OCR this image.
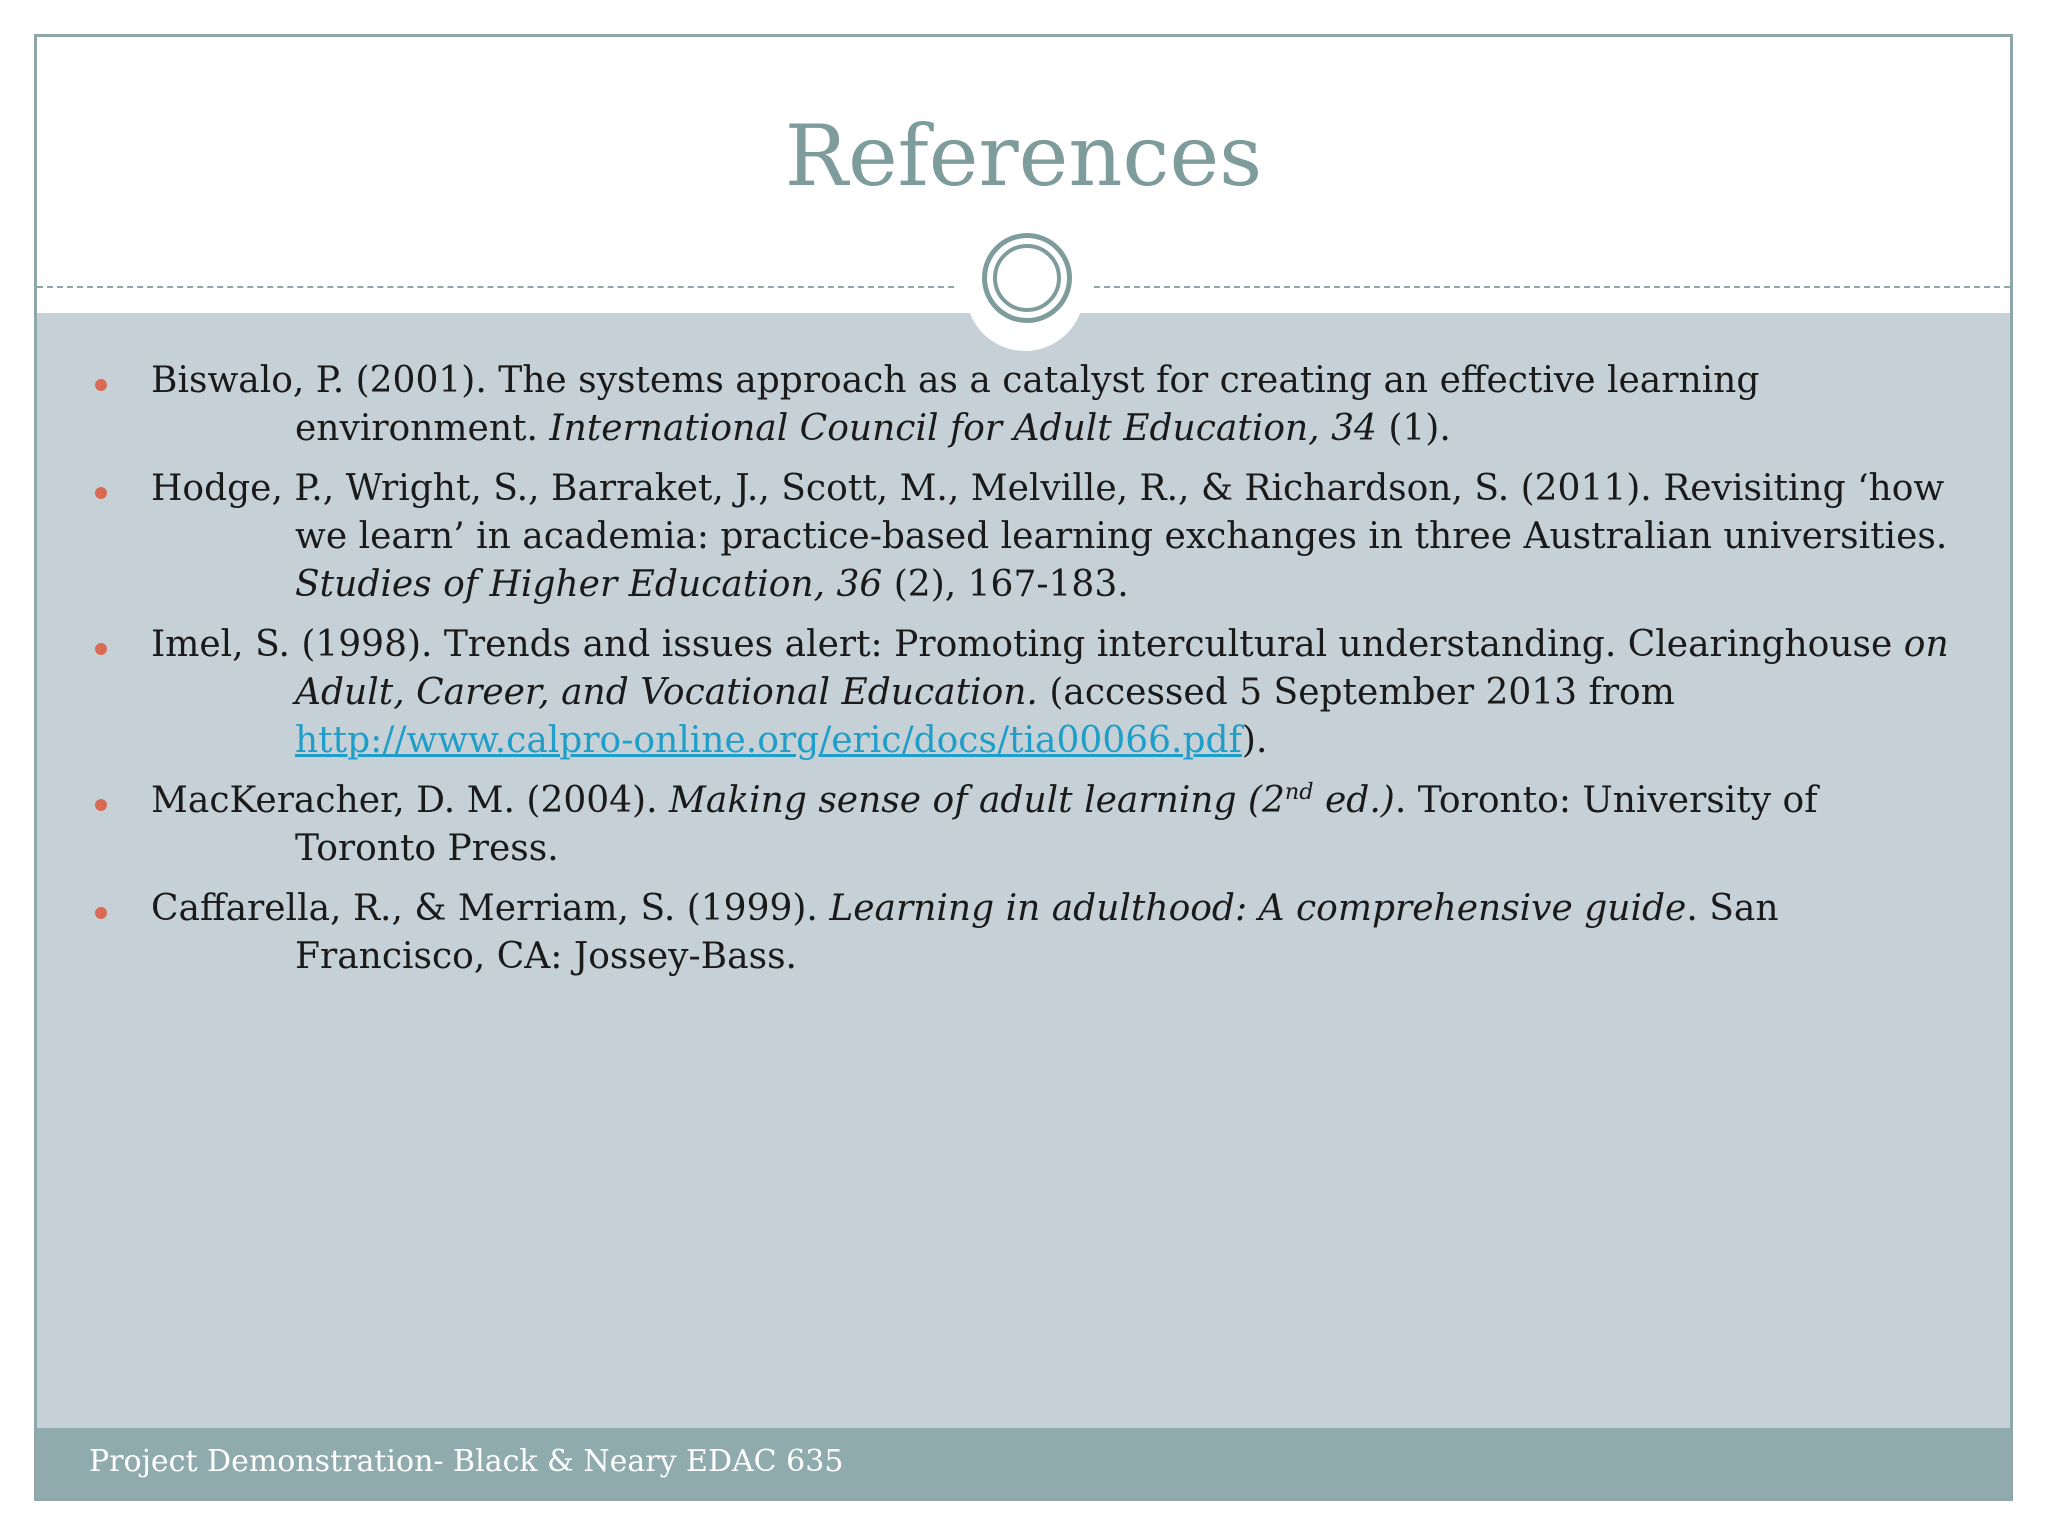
References
Biswalo, P. (2001). The systems approach as a catalyst for creating an effective learning environment. International Council for Adult Education, 34 (1).
Hodge, P., Wright, S., Barraket, J., Scott, M., Melville, R., & Richardson, S. (2011). Revisiting ‘how we learn’ in academia: practice-based learning exchanges in three Australian universities. Studies of Higher Education, 36 (2), 167-183.
Imel, S. (1998). Trends and issues alert: Promoting intercultural understanding. Clearinghouse on Adult, Career, and Vocational Education. (accessed 5 September 2013 from http://www.calpro-online.org/eric/docs/tia00066.pdf).
MacKeracher, D. M. (2004). Making sense of adult learning (2nd ed.). Toronto: University of Toronto Press.
Caffarella, R., & Merriam, S. (1999). Learning in adulthood: A comprehensive guide. San Francisco, CA: Jossey-Bass.
Project Demonstration- Black & Neary EDAC 635
